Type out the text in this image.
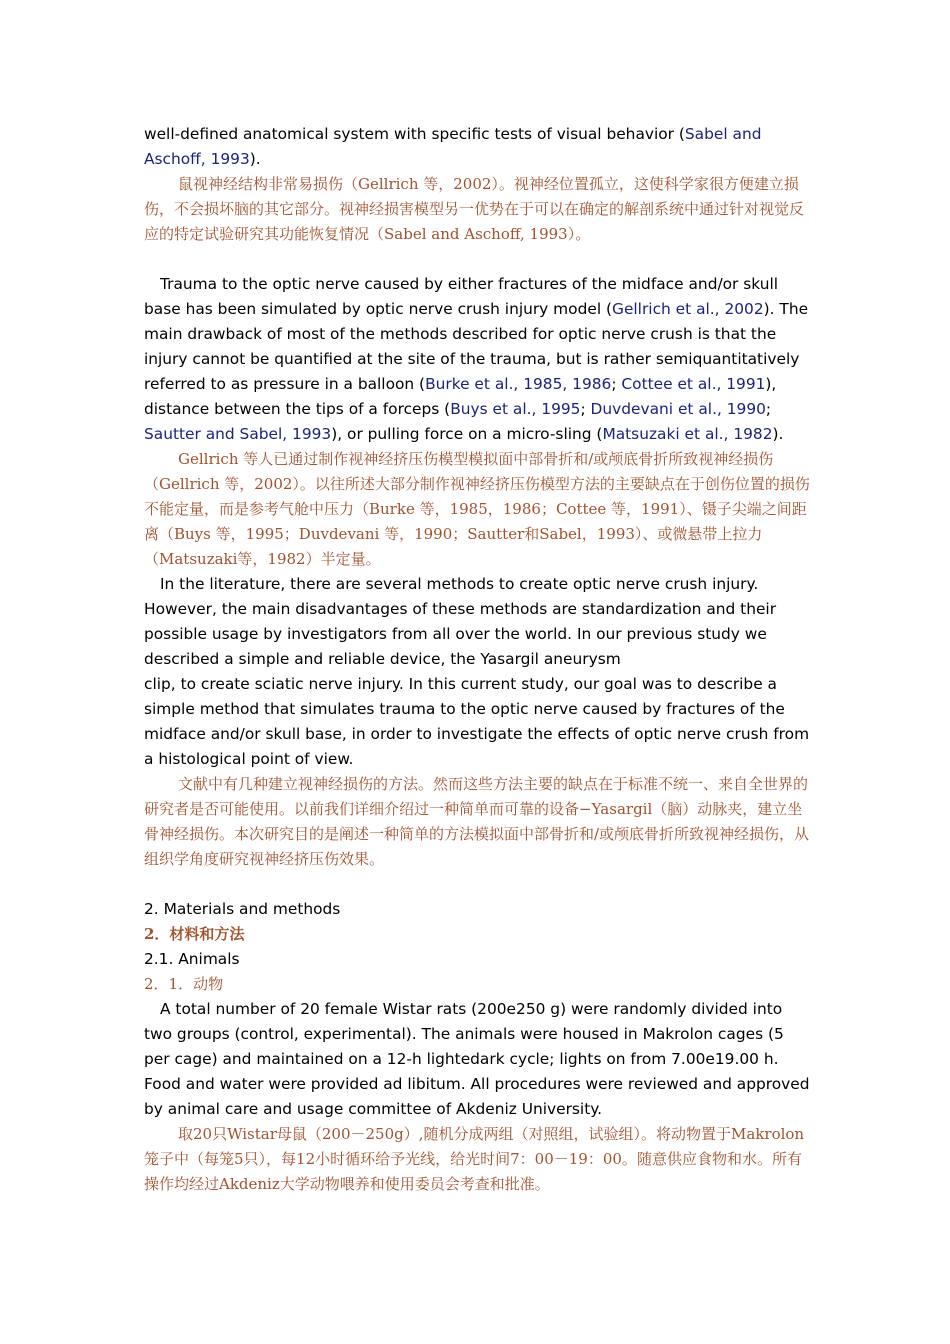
well-defined anatomical system with specific tests of visual behavior (Sabel and Aschoff, 1993).

鼠视神经结构非常易损伤（Gellrich 等，2002）。视神经位置孤立，这使科学家很方便建立损伤，不会损坏脑的其它部分。视神经损害模型另一优势在于可以在确定的解剖系统中通过针对视觉反应的特定试验研究其功能恢复情况（Sabel and Aschoff, 1993）。

Trauma to the optic nerve caused by either fractures of the midface and/or skull base has been simulated by optic nerve crush injury model (Gellrich et al., 2002). The main drawback of most of the methods described for optic nerve crush is that the injury cannot be quantified at the site of the trauma, but is rather semiquantitatively referred to as pressure in a balloon (Burke et al., 1985, 1986; Cottee et al., 1991), distance between the tips of a forceps (Buys et al., 1995; Duvdevani et al., 1990; Sautter and Sabel, 1993), or pulling force on a micro-sling (Matsuzaki et al., 1982).

Gellrich 等人已通过制作视神经挤压伤模型模拟面中部骨折和/或颅底骨折所致视神经损伤（Gellrich 等，2002）。以往所述大部分制作视神经挤压伤模型方法的主要缺点在于创伤位置的损伤不能定量，而是参考气舱中压力（Burke 等，1985，1986；Cottee 等，1991）、镊子尖端之间距离（Buys 等，1995；Duvdevani 等，1990；Sautter和Sabel，1993）、或微悬带上拉力（Matsuzaki等，1982）半定量。

In the literature, there are several methods to create optic nerve crush injury. However, the main disadvantages of these methods are standardization and their possible usage by investigators from all over the world. In our previous study we described a simple and reliable device, the Yasargil aneurysm

clip, to create sciatic nerve injury. In this current study, our goal was to describe a simple method that simulates trauma to the optic nerve caused by fractures of the midface and/or skull base, in order to investigate the effects of optic nerve crush from a histological point of view.

文献中有几种建立视神经损伤的方法。然而这些方法主要的缺点在于标准不统一、来自全世界的研究者是否可能使用。以前我们详细介绍过一种简单而可靠的设备−Yasargil（脑）动脉夹，建立坐骨神经损伤。本次研究目的是阐述一种简单的方法模拟面中部骨折和/或颅底骨折所致视神经损伤，从组织学角度研究视神经挤压伤效果。

2. Materials and methods

2．材料和方法

2.1. Animals

2．1．动物

A total number of 20 female Wistar rats (200e250 g) were randomly divided into two groups (control, experimental). The animals were housed in Makrolon cages (5 per cage) and maintained on a 12-h lightedark cycle; lights on from 7.00e19.00 h. Food and water were provided ad libitum. All procedures were reviewed and approved by animal care and usage committee of Akdeniz University.

取20只Wistar母鼠（200－250g）,随机分成两组（对照组，试验组）。将动物置于Makrolon笼子中（每笼5只），每12小时循环给予光线，给光时间7：00－19：00。随意供应食物和水。所有操作均经过Akdeniz大学动物喂养和使用委员会考查和批准。
